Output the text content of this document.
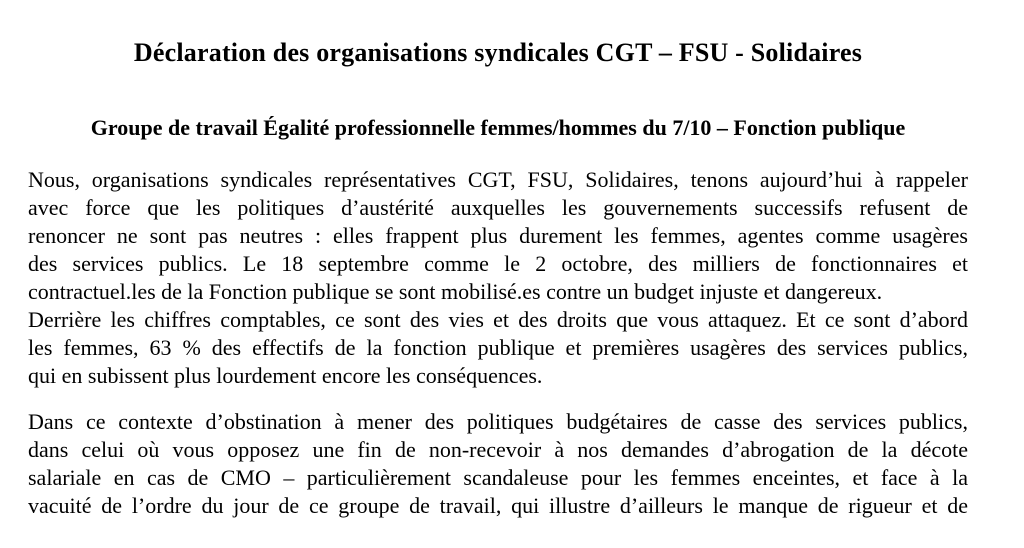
Déclaration des organisations syndicales CGT – FSU - Solidaires
Groupe de travail Égalité professionnelle femmes/hommes du 7/10 – Fonction publique
Nous, organisations syndicales représentatives CGT, FSU, Solidaires, tenons aujourd’hui à rappeler
avec force que les politiques d’austérité auxquelles les gouvernements successifs refusent de
renoncer ne sont pas neutres : elles frappent plus durement les femmes, agentes comme usagères
des services publics. Le 18 septembre comme le 2 octobre, des milliers de fonctionnaires et
contractuel.les de la Fonction publique se sont mobilisé.es contre un budget injuste et dangereux.
Derrière les chiffres comptables, ce sont des vies et des droits que vous attaquez. Et ce sont d’abord
les femmes, 63 % des effectifs de la fonction publique et premières usagères des services publics,
qui en subissent plus lourdement encore les conséquences.
Dans ce contexte d’obstination à mener des politiques budgétaires de casse des services publics,
dans celui où vous opposez une fin de non-recevoir à nos demandes d’abrogation de la décote
salariale en cas de CMO – particulièrement scandaleuse pour les femmes enceintes, et face à la
vacuité de l’ordre du jour de ce groupe de travail, qui illustre d’ailleurs le manque de rigueur et de
